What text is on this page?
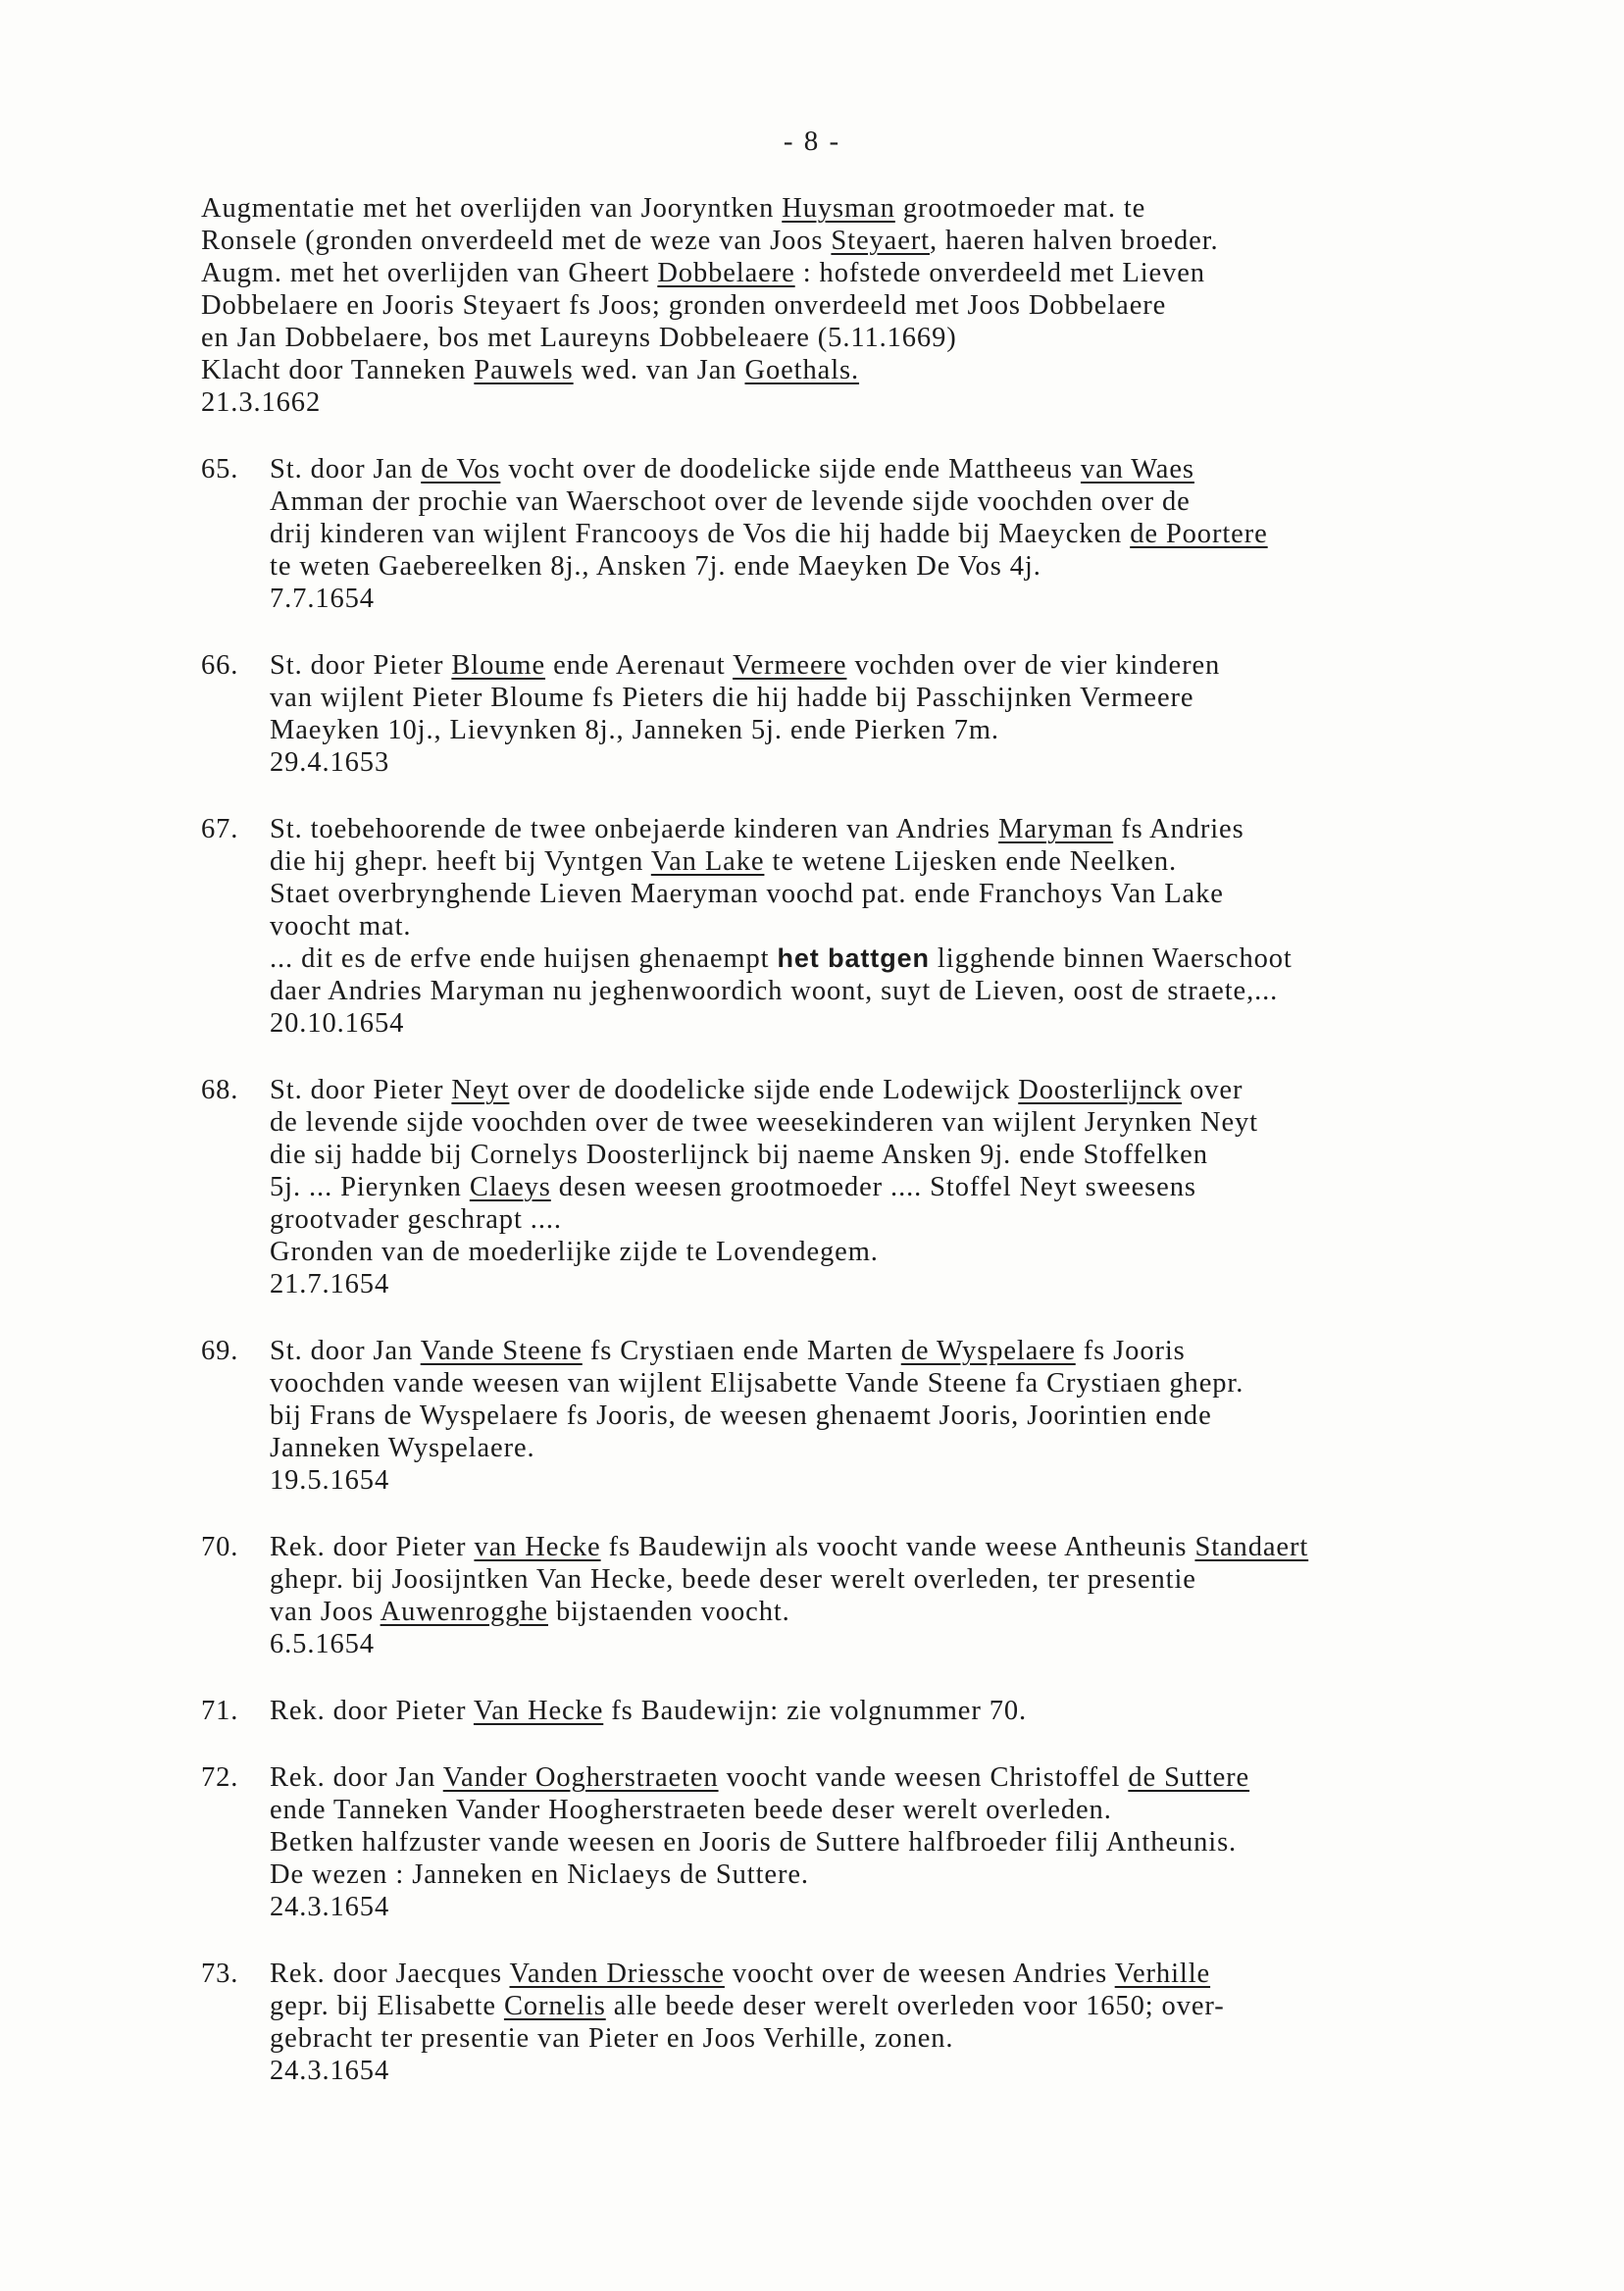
- 8 -
Augmentatie met het overlijden van Jooryntken Huysman grootmoeder mat. te
Ronsele (gronden onverdeeld met de weze van Joos Steyaert, haeren halven broeder.
Augm. met het overlijden van Gheert Dobbelaere : hofstede onverdeeld met Lieven
Dobbelaere en Jooris Steyaert fs Joos; gronden onverdeeld met Joos Dobbelaere
en Jan Dobbelaere, bos met Laureyns Dobbeleaere (5.11.1669)
Klacht door Tanneken Pauwels wed. van Jan Goethals.
21.3.1662
65. St. door Jan de Vos vocht over de doodelicke sijde ende Mattheeus van Waes
Amman der prochie van Waerschoot over de levende sijde voochden over de
drij kinderen van wijlent Francooys de Vos die hij hadde bij Maeycken de Poortere
te weten Gaebereelken 8j., Ansken 7j. ende Maeyken De Vos 4j.
7.7.1654
66. St. door Pieter Bloume ende Aerenaut Vermeere vochden over de vier kinderen
van wijlent Pieter Bloume fs Pieters die hij hadde bij Passchijnken Vermeere
Maeyken 10j., Lievynken 8j., Janneken 5j. ende Pierken 7m.
29.4.1653
67. St. toebehoorende de twee onbejaerde kinderen van Andries Maryman fs Andries
die hij ghepr. heeft bij Vyntgen Van Lake te wetene Lijesken ende Neelken.
Staet overbrynghende Lieven Maeryman voochd pat. ende Franchoys Van Lake
voocht mat.
... dit es de erfve ende huijsen ghenaempt het battgen ligghende binnen Waerschoot
daer Andries Maryman nu jeghenwoordich woont, suyt de Lieven, oost de straete,...
20.10.1654
68. St. door Pieter Neyt over de doodelicke sijde ende Lodewijck Doosterlijnck over
de levende sijde voochden over de twee weesekinderen van wijlent Jerynken Neyt
die sij hadde bij Cornelys Doosterlijnck bij naeme Ansken 9j. ende Stoffelken
5j. ... Pierynken Claeys desen weesen grootmoeder .... Stoffel Neyt sweesens
grootvader geschrapt ....
Gronden van de moederlijke zijde te Lovendegem.
21.7.1654
69. St. door Jan Vande Steene fs Crystiaen ende Marten de Wyspelaere fs Jooris
voochden vande weesen van wijlent Elijsabette Vande Steene fa Crystiaen ghepr.
bij Frans de Wyspelaere fs Jooris, de weesen ghenaemt Jooris, Joorintien ende
Janneken Wyspelaere.
19.5.1654
70. Rek. door Pieter van Hecke fs Baudewijn als voocht vande weese Antheunis Standaert
ghepr. bij Joosijntken Van Hecke, beede deser werelt overleden, ter presentie
van Joos Auwenrogghe bijstaenden voocht.
6.5.1654
71. Rek. door Pieter Van Hecke fs Baudewijn: zie volgnummer 70.
72. Rek. door Jan Vander Oogherstraeten voocht vande weesen Christoffel de Suttere
ende Tanneken Vander Hoogherstraeten beede deser werelt overleden.
Betken halfzuster vande weesen en Jooris de Suttere halfbroeder filij Antheunis.
De wezen : Janneken en Niclaeys de Suttere.
24.3.1654
73. Rek. door Jaecques Vanden Driessche voocht over de weesen Andries Verhille
gepr. bij Elisabette Cornelis alle beede deser werelt overleden voor 1650; over-
gebracht ter presentie van Pieter en Joos Verhille, zonen.
24.3.1654
